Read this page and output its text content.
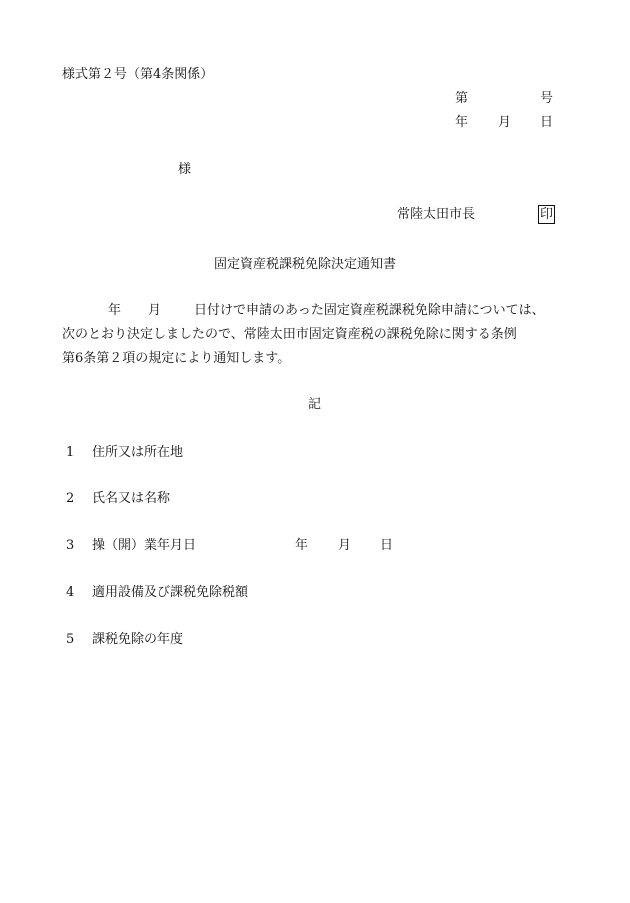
様式第２号（第4条関係）
第	号
年 月 日
様
常陸太田市長	印
固定資産税課税免除決定通知書
年 月	日付けで申請のあった固定資産税課税免除申請については、
次のとおり決定しましたので、常陸太田市固定資産税の課税免除に関する条例
第6条第２項の規定により通知します。
記
1 住所又は所在地
2 氏名又は名称
3 操（開）業年月日	年 月 日
4 適用設備及び課税免除税額
5 課税免除の年度
